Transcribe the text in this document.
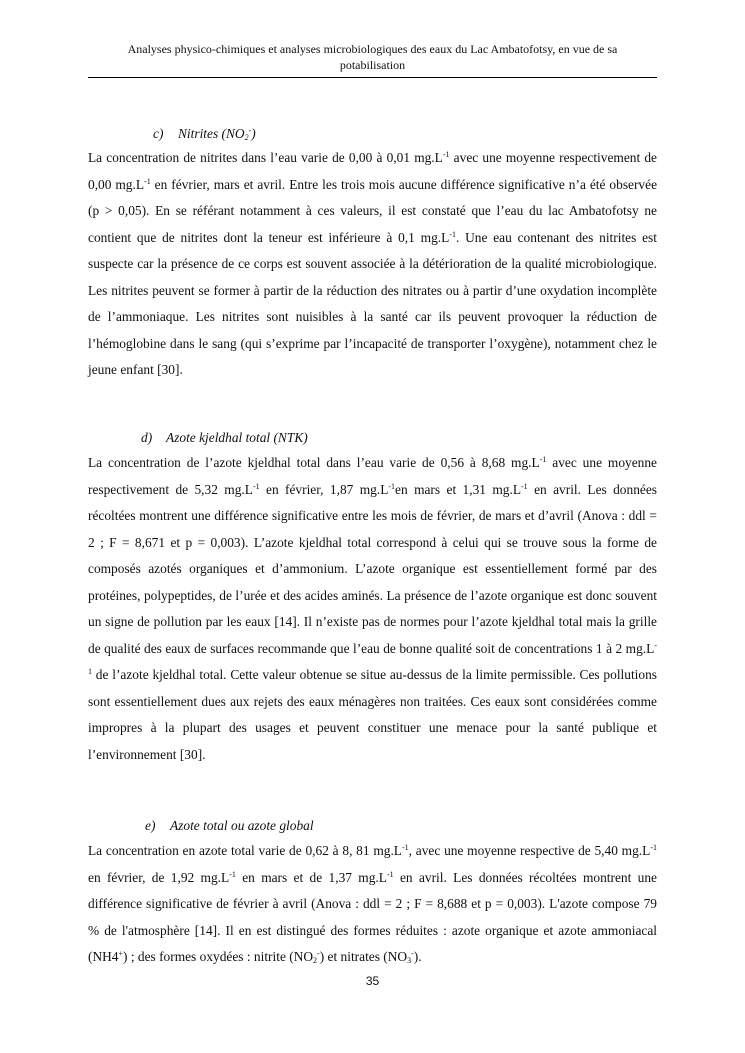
Analyses physico-chimiques et analyses microbiologiques des eaux du Lac Ambatofotsy, en vue de sa
potabilisation
c) Nitrites $(NO_2^-)$

La concentration de nitrites dans l’eau varie de 0,00 à 0,01 $mg.L^{-1}$ avec une moyenne respectivement de 0,00 $mg.L^{-1}$ en février, mars et avril. Entre les trois mois aucune différence significative n’a été observée (p > 0,05). En se référant notamment à ces valeurs, il est constaté que l’eau du lac Ambatofotsy ne contient que de nitrites dont la teneur est inférieure à 0,1 $mg.L^{-1}$. Une eau contenant des nitrites est suspecte car la présence de ce corps est souvent associée à la détérioration de la qualité microbiologique. Les nitrites peuvent se former à partir de la réduction des nitrates ou à partir d’une oxydation incomplète de l’ammoniaque. Les nitrites sont nuisibles à la santé car ils peuvent provoquer la réduction de l’hémoglobine dans le sang (qui s’exprime par l’incapacité de transporter l’oxygène), notamment chez le jeune enfant [30].

d) Azote kjeldhal total (NTK)

La concentration de l’azote kjeldhal total dans l’eau varie de 0,56 à 8,68 $mg.L^{-1}$ avec une moyenne respectivement de 5,32 $mg.L^{-1}$ en février, 1,87 $mg.L^{-1}en$ mars et 1,31 $mg.L^{-1}$ en avril. Les données récoltées montrent une différence significative entre les mois de février, de mars et d’avril (Anova : ddl = 2 ; F = 8,671 et p = 0,003). L’azote kjeldhal total correspond à celui qui se trouve sous la forme de composés azotés organiques et d’ammonium. L’azote organique est essentiellement formé par des protéines, polypeptides, de l’urée et des acides aminés. La présence de l’azote organique est donc souvent un signe de pollution par les eaux [14]. Il n’existe pas de normes pour l’azote kjeldhal total mais la grille de qualité des eaux de surfaces recommande que l’eau de bonne qualité soit de concentrations 1 à 2 $mg.L^{-1}$ de l’azote kjeldhal total. Cette valeur obtenue se situe au-dessus de la limite permissible. Ces pollutions sont essentiellement dues aux rejets des eaux ménagères non traitées. Ces eaux sont considérées comme impropres à la plupart des usages et peuvent constituer une menace pour la santé publique et l’environnement [30].

e) Azote total ou azote global

La concentration en azote total varie de 0,62 à 8, 81 $mg.L^{-1}$, avec une moyenne respective de 5,40 $mg.L^{-1}$ en février, de 1,92 $mg.L^{-1}$ en mars et de 1,37 $mg.L^{-1}$ en avril. Les données récoltées montrent une différence significative de février à avril (Anova : ddl = 2 ; F = 8,688 et p = 0,003). L'azote compose 79 % de l'atmosphère [14]. Il en est distingué des formes réduites : azote organique et azote ammoniacal (NH4+) ; des formes oxydées : nitrite $(NO_2^-)$ et nitrates $(NO_3^-)$.

35
